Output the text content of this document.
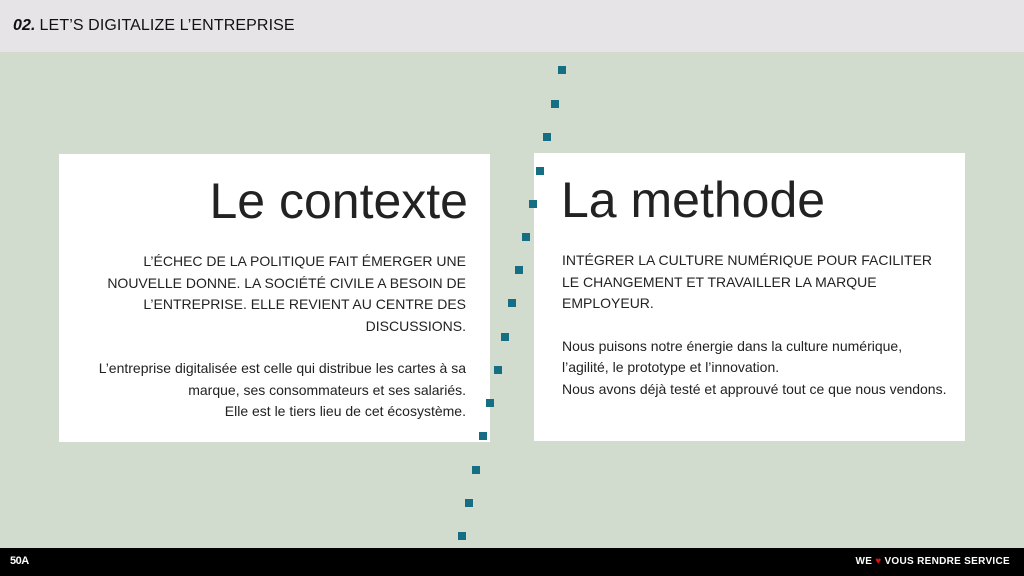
02. LET’S DIGITALIZE L’ENTREPRISE
Le contexte

L’ÉCHEC DE LA POLITIQUE FAIT ÉMERGER UNE NOUVELLE DONNE. LA SOCIÉTÉ CIVILE A BESOIN DE L’ENTREPRISE. ELLE REVIENT AU CENTRE DES DISCUSSIONS.

L’entreprise digitalisée est celle qui distribue les cartes à sa marque, ses consommateurs et ses salariés.
Elle est le tiers lieu de cet écosystème.

La methode

INTÉGRER LA CULTURE NUMÉRIQUE POUR FACILITER LE CHANGEMENT ET TRAVAILLER LA MARQUE EMPLOYEUR.

Nous puisons notre énergie dans la culture numérique, l’agilité, le prototype et l’innovation.
Nous avons déjà testé et approuvé tout ce que nous vendons.

50A	WE ♥ VOUS RENDRE SERVICE
